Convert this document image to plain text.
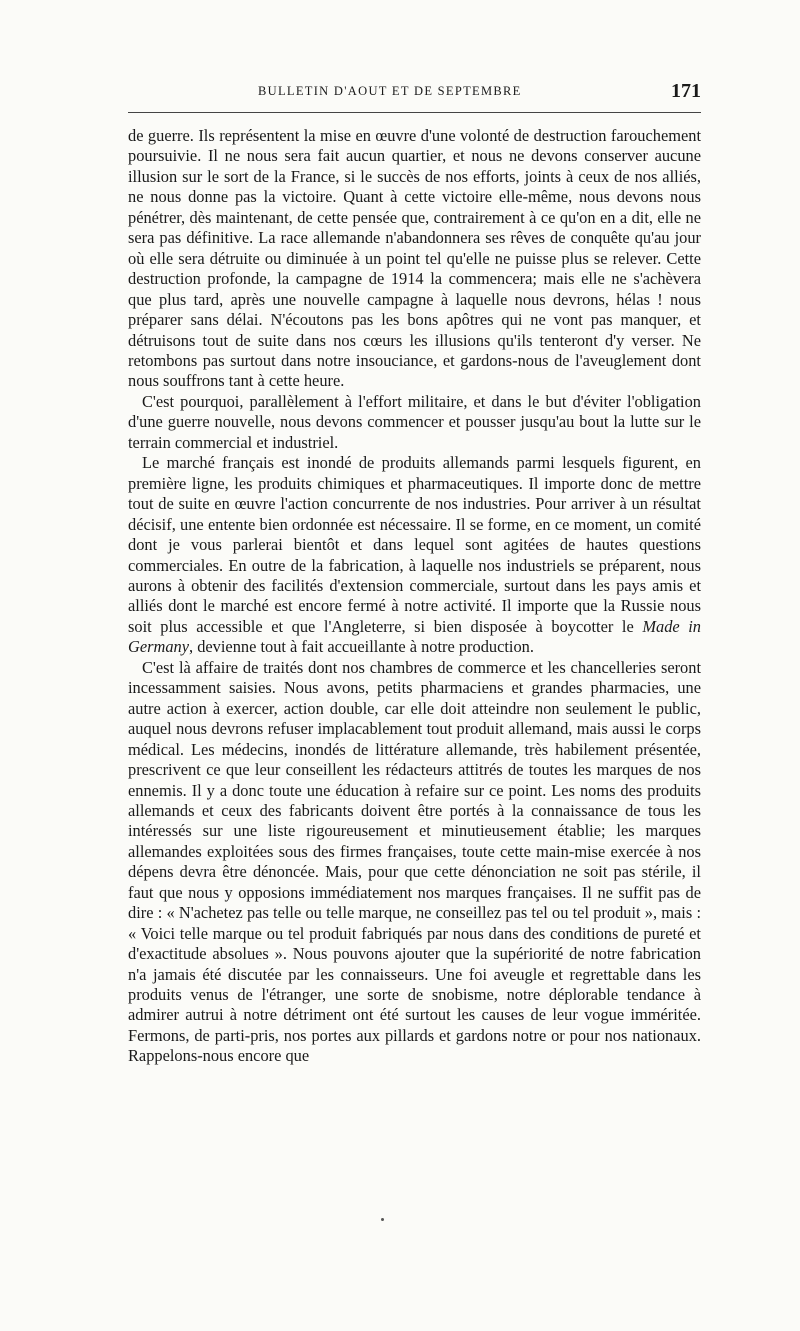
BULLETIN D'AOUT ET DE SEPTEMBRE	171

de guerre. Ils représentent la mise en œuvre d'une volonté de destruction farouchement poursuivie. Il ne nous sera fait aucun quartier, et nous ne devons conserver aucune illusion sur le sort de la France, si le succès de nos efforts, joints à ceux de nos alliés, ne nous donne pas la victoire. Quant à cette victoire elle-même, nous devons nous pénétrer, dès maintenant, de cette pensée que, contrairement à ce qu'on en a dit, elle ne sera pas définitive. La race allemande n'abandonnera ses rêves de conquête qu'au jour où elle sera détruite ou diminuée à un point tel qu'elle ne puisse plus se relever. Cette destruction profonde, la campagne de 1914 la commencera; mais elle ne s'achèvera que plus tard, après une nouvelle campagne à laquelle nous devrons, hélas ! nous préparer sans délai. N'écoutons pas les bons apôtres qui ne vont pas manquer, et détruisons tout de suite dans nos cœurs les illusions qu'ils tenteront d'y verser. Ne retombons pas surtout dans notre insouciance, et gardons-nous de l'aveuglement dont nous souffrons tant à cette heure.

C'est pourquoi, parallèlement à l'effort militaire, et dans le but d'éviter l'obligation d'une guerre nouvelle, nous devons commencer et pousser jusqu'au bout la lutte sur le terrain commercial et industriel.

Le marché français est inondé de produits allemands parmi lesquels figurent, en première ligne, les produits chimiques et pharmaceutiques. Il importe donc de mettre tout de suite en œuvre l'action concurrente de nos industries. Pour arriver à un résultat décisif, une entente bien ordonnée est nécessaire. Il se forme, en ce moment, un comité dont je vous parlerai bientôt et dans lequel sont agitées de hautes questions commerciales. En outre de la fabrication, à laquelle nos industriels se préparent, nous aurons à obtenir des facilités d'extension commerciale, surtout dans les pays amis et alliés dont le marché est encore fermé à notre activité. Il importe que la Russie nous soit plus accessible et que l'Angleterre, si bien disposée à boycotter le Made in Germany, devienne tout à fait accueillante à notre production.

C'est là affaire de traités dont nos chambres de commerce et les chancelleries seront incessamment saisies. Nous avons, petits pharmaciens et grandes pharmacies, une autre action à exercer, action double, car elle doit atteindre non seulement le public, auquel nous devrons refuser implacablement tout produit allemand, mais aussi le corps médical. Les médecins, inondés de littérature allemande, très habilement présentée, prescrivent ce que leur conseillent les rédacteurs attitrés de toutes les marques de nos ennemis. Il y a donc toute une éducation à refaire sur ce point. Les noms des produits allemands et ceux des fabricants doivent être portés à la connaissance de tous les intéressés sur une liste rigoureusement et minutieusement établie; les marques allemandes exploitées sous des firmes françaises, toute cette main-mise exercée à nos dépens devra être dénoncée. Mais, pour que cette dénonciation ne soit pas stérile, il faut que nous y opposions immédiatement nos marques françaises. Il ne suffit pas de dire : « N'achetez pas telle ou telle marque, ne conseillez pas tel ou tel produit », mais : « Voici telle marque ou tel produit fabriqués par nous dans des conditions de pureté et d'exactitude absolues ». Nous pouvons ajouter que la supériorité de notre fabrication n'a jamais été discutée par les connaisseurs. Une foi aveugle et regrettable dans les produits venus de l'étranger, une sorte de snobisme, notre déplorable tendance à admirer autrui à notre détriment ont été surtout les causes de leur vogue imméritée. Fermons, de parti-pris, nos portes aux pillards et gardons notre or pour nos nationaux. Rappelons-nous encore que
